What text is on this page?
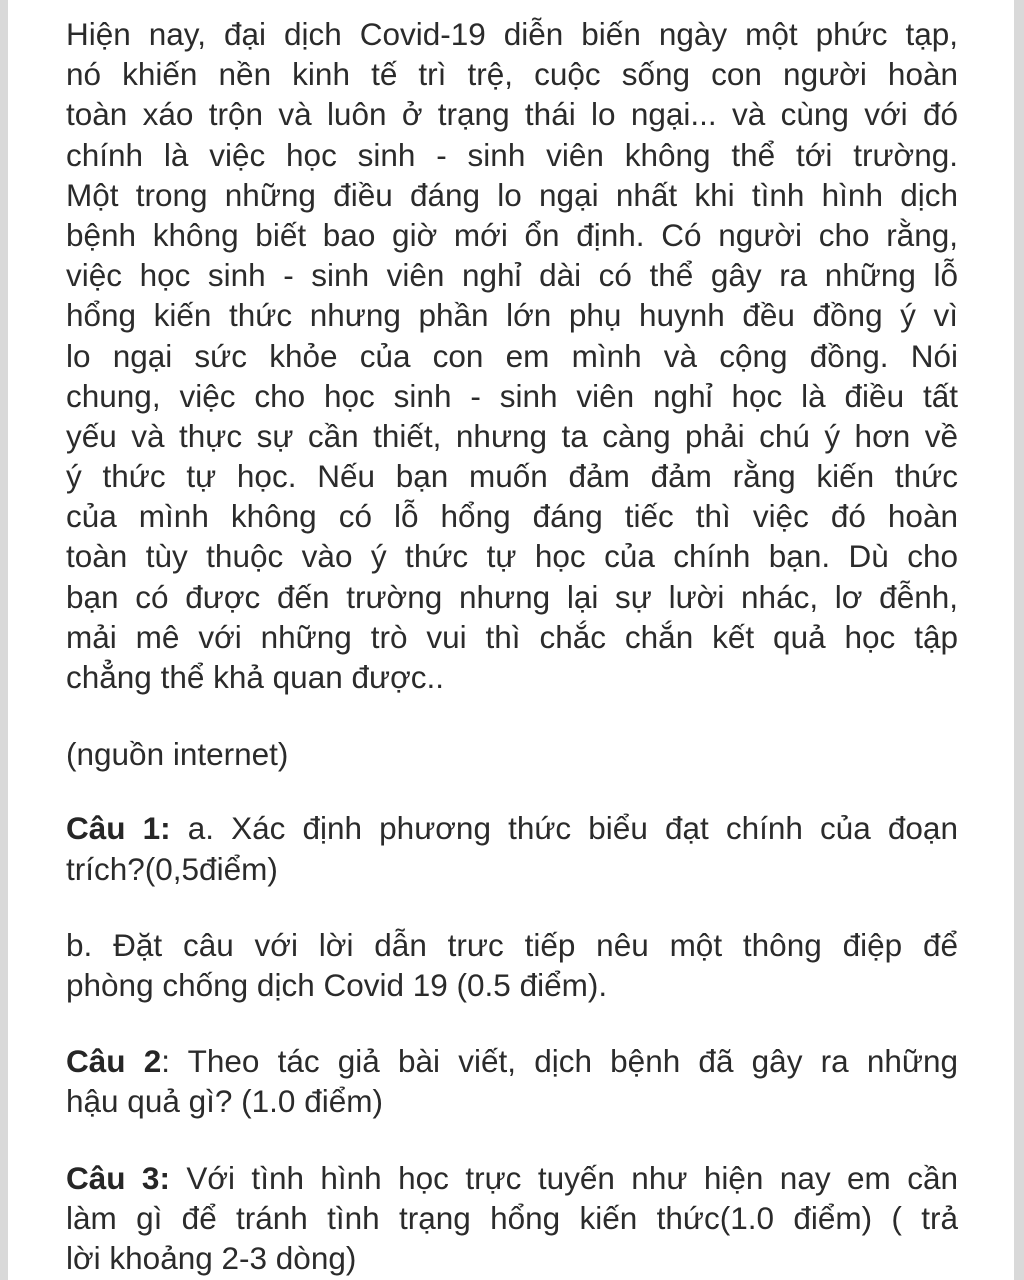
Hiện nay, đại dịch Covid-19 diễn biến ngày một phức tạp,
nó khiến nền kinh tế trì trệ, cuộc sống con người hoàn
toàn xáo trộn và luôn ở trạng thái lo ngại... và cùng với đó
chính là việc học sinh - sinh viên không thể tới trường.
Một trong những điều đáng lo ngại nhất khi tình hình dịch
bệnh không biết bao giờ mới ổn định. Có người cho rằng,
việc học sinh - sinh viên nghỉ dài có thể gây ra những lỗ
hổng kiến thức nhưng phần lớn phụ huynh đều đồng ý vì
lo ngại sức khỏe của con em mình và cộng đồng. Nói
chung, việc cho học sinh - sinh viên nghỉ học là điều tất
yếu và thực sự cần thiết, nhưng ta càng phải chú ý hơn về
ý thức tự học. Nếu bạn muốn đảm đảm rằng kiến thức
của mình không có lỗ hổng đáng tiếc thì việc đó hoàn
toàn tùy thuộc vào ý thức tự học của chính bạn. Dù cho
bạn có được đến trường nhưng lại sự lười nhác, lơ đễnh,
mải mê với những trò vui thì chắc chắn kết quả học tập
chẳng thể khả quan được..
(nguồn internet)
Câu 1: a. Xác định phương thức biểu đạt chính của đoạn
trích?(0,5điểm)
b. Đặt câu với lời dẫn trưc tiếp nêu một thông điệp để
phòng chống dịch Covid 19 (0.5 điểm).
Câu 2: Theo tác giả bài viết, dịch bệnh đã gây ra những
hậu quả gì? (1.0 điểm)
Câu 3: Với tình hình học trực tuyến như hiện nay em cần
làm gì để tránh tình trạng hổng kiến thức(1.0 điểm) ( trả
lời khoảng 2-3 dòng)
